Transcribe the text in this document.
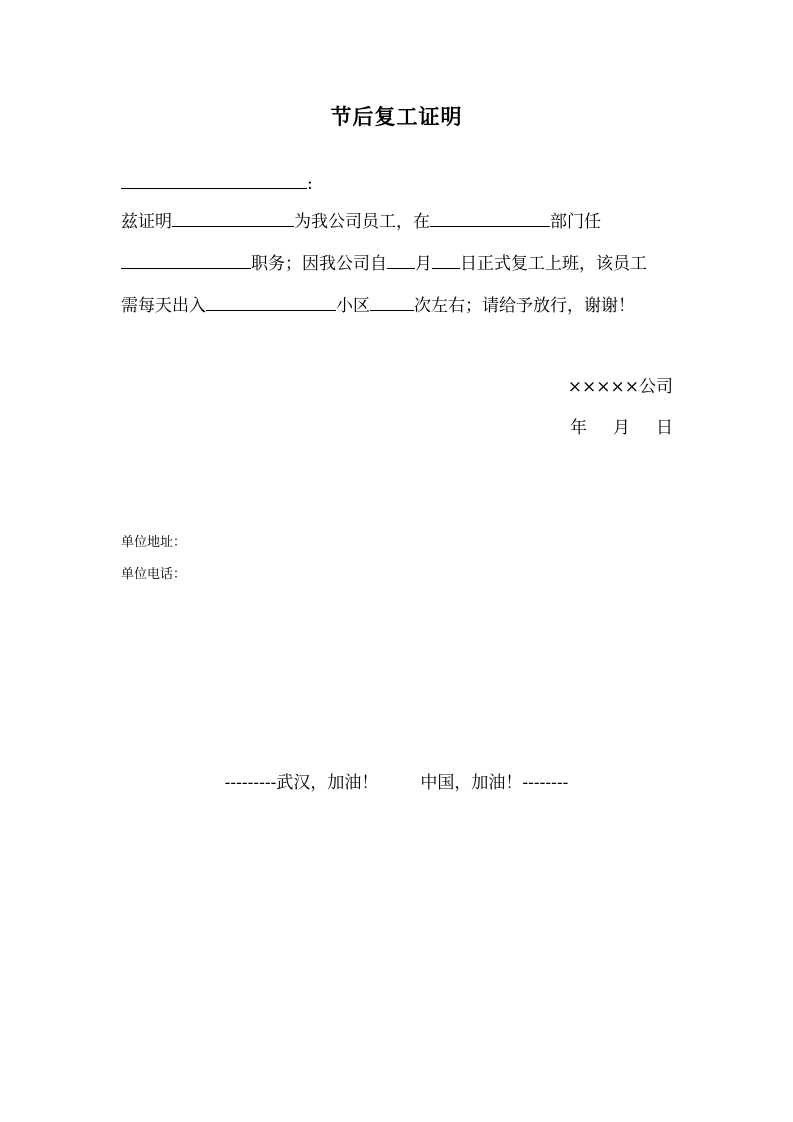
节后复工证明
:
兹证明	为我公司员工，在	部门任
职务；因我公司自 月 日正式复工上班，该员工
需每天出入	小区	次左右；请给予放行，谢谢！
×××××公司
年 月 日
单位地址：
单位电话：
---------武汉，加油！ 中国，加油！--------
